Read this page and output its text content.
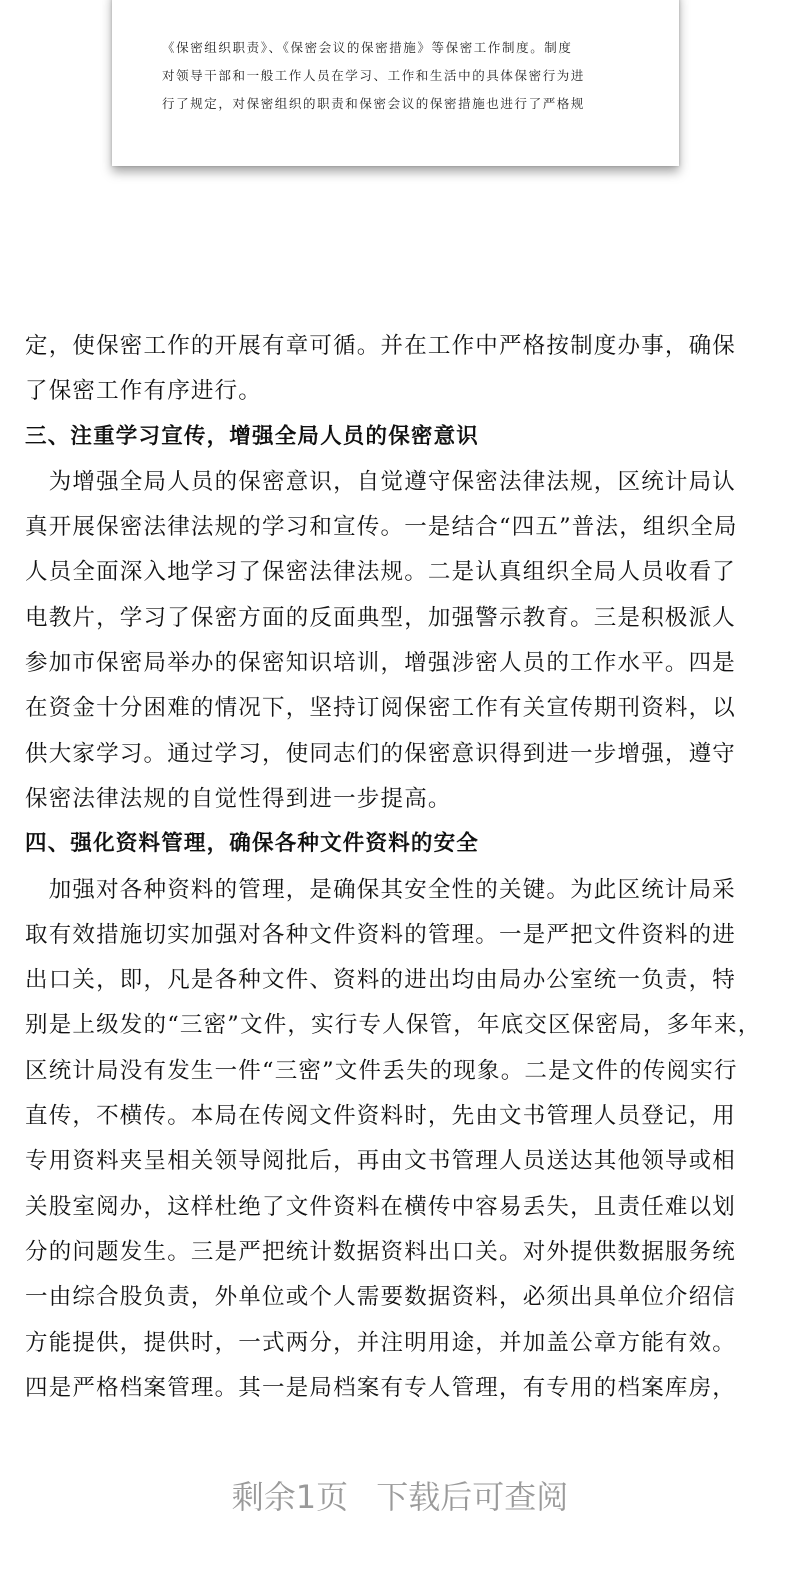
《保密组织职责》、《保密会议的保密措施》等保密工作制度。制度
对领导干部和一般工作人员在学习、工作和生活中的具体保密行为进
行了规定，对保密组织的职责和保密会议的保密措施也进行了严格规
定，使保密工作的开展有章可循。并在工作中严格按制度办事，确保
了保密工作有序进行。
三、注重学习宣传，增强全局人员的保密意识
　为增强全局人员的保密意识，自觉遵守保密法律法规，区统计局认
真开展保密法律法规的学习和宣传。一是结合“四五”普法，组织全局
人员全面深入地学习了保密法律法规。二是认真组织全局人员收看了
电教片，学习了保密方面的反面典型，加强警示教育。三是积极派人
参加市保密局举办的保密知识培训，增强涉密人员的工作水平。四是
在资金十分困难的情况下，坚持订阅保密工作有关宣传期刊资料，以
供大家学习。通过学习，使同志们的保密意识得到进一步增强，遵守
保密法律法规的自觉性得到进一步提高。
四、强化资料管理，确保各种文件资料的安全
　加强对各种资料的管理，是确保其安全性的关键。为此区统计局采
取有效措施切实加强对各种文件资料的管理。一是严把文件资料的进
出口关，即，凡是各种文件、资料的进出均由局办公室统一负责，特
别是上级发的“三密”文件，实行专人保管，年底交区保密局，多年来，
区统计局没有发生一件“三密”文件丢失的现象。二是文件的传阅实行
直传，不横传。本局在传阅文件资料时，先由文书管理人员登记，用
专用资料夹呈相关领导阅批后，再由文书管理人员送达其他领导或相
关股室阅办，这样杜绝了文件资料在横传中容易丢失，且责任难以划
分的问题发生。三是严把统计数据资料出口关。对外提供数据服务统
一由综合股负责，外单位或个人需要数据资料，必须出具单位介绍信
方能提供，提供时，一式两分，并注明用途，并加盖公章方能有效。
四是严格档案管理。其一是局档案有专人管理，有专用的档案库房，
剩余1页 下载后可查阅
